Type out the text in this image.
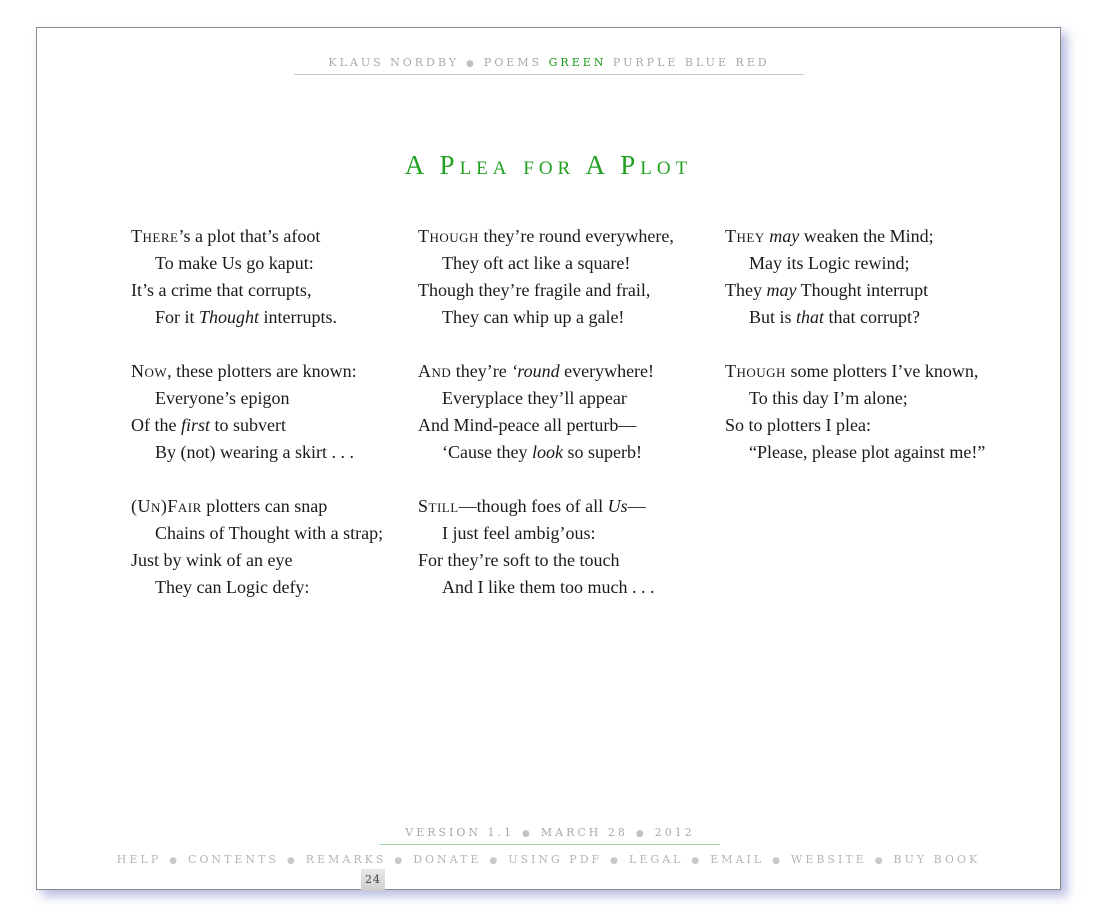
KLAUS NORDBY ● POEMS GREEN PURPLE BLUE RED
A Plea for A Plot
There’s a plot that’s afoot
To make Us go kaput:
It’s a crime that corrupts,
For it Thought interrupts.
Now, these plotters are known:
Everyone’s epigon
Of the first to subvert
By (not) wearing a skirt . . .
(Un)Fair plotters can snap
Chains of Thought with a strap;
Just by wink of an eye
They can Logic defy:
Though they’re round everywhere,
They oft act like a square!
Though they’re fragile and frail,
They can whip up a gale!
And they’re ‘round everywhere!
Everyplace they’ll appear
And Mind-peace all perturb—
‘Cause they look so superb!
Still—though foes of all Us—
I just feel ambig’ous:
For they’re soft to the touch
And I like them too much . . .
They may weaken the Mind;
May its Logic rewind;
They may Thought interrupt
But is that that corrupt?
Though some plotters I’ve known,
To this day I’m alone;
So to plotters I plea:
“Please, please plot against me!”
VERSION 1.1 ● MARCH 28 ● 2012
HELP ● CONTENTS ● REMARKS ● DONATE ● USING PDF ● LEGAL ● EMAIL ● WEBSITE ● BUY BOOK
24
